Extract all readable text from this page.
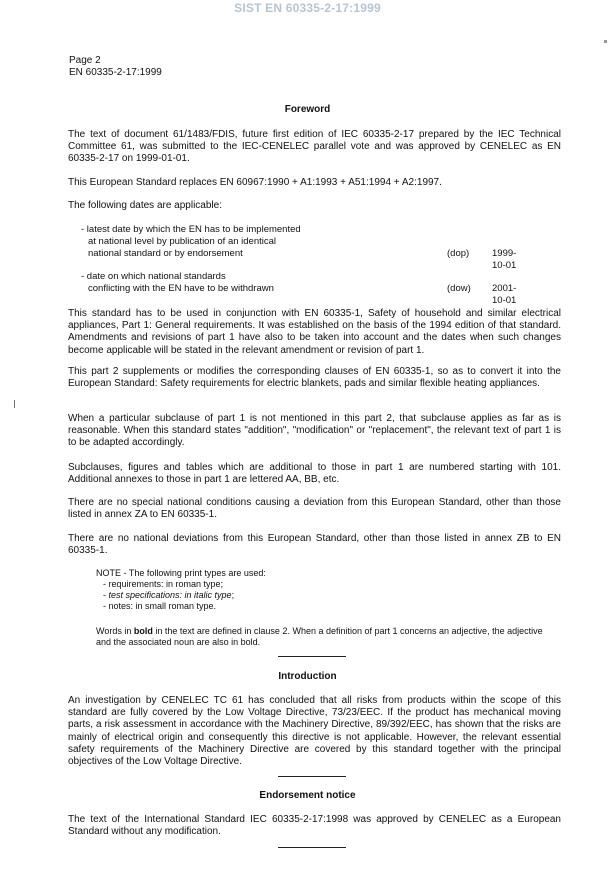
SIST EN 60335-2-17:1999
Page 2
EN 60335-2-17:1999
Foreword
The text of document 61/1483/FDIS, future first edition of IEC 60335-2-17 prepared by the IEC Technical Committee 61, was submitted to the IEC-CENELEC parallel vote and was approved by CENELEC as EN 60335-2-17 on 1999-01-01.
This European Standard replaces EN 60967:1990 + A1:1993 + A51:1994 + A2:1997.
The following dates are applicable:
- latest date by which the EN has to be implemented
at national level by publication of an identical
national standard or by endorsement	(dop) 1999-10-01
- date on which national standards
conflicting with the EN have to be withdrawn	(dow) 2001-10-01
This standard has to be used in conjunction with EN 60335-1, Safety of household and similar electrical appliances, Part 1: General requirements. It was established on the basis of the 1994 edition of that standard. Amendments and revisions of part 1 have also to be taken into account and the dates when such changes become applicable will be stated in the relevant amendment or revision of part 1.
This part 2 supplements or modifies the corresponding clauses of EN 60335-1, so as to convert it into the European Standard: Safety requirements for electric blankets, pads and similar flexible heating appliances.
When a particular subclause of part 1 is not mentioned in this part 2, that subclause applies as far as is reasonable. When this standard states "addition", "modification" or "replacement", the relevant text of part 1 is to be adapted accordingly.
Subclauses, figures and tables which are additional to those in part 1 are numbered starting with 101. Additional annexes to those in part 1 are lettered AA, BB, etc.
There are no special national conditions causing a deviation from this European Standard, other than those listed in annex ZA to EN 60335-1.
There are no national deviations from this European Standard, other than those listed in annex ZB to EN 60335-1.
NOTE - The following print types are used:
- requirements: in roman type;
- test specifications: in italic type;
- notes: in small roman type.
Words in bold in the text are defined in clause 2. When a definition of part 1 concerns an adjective, the adjective and the associated noun are also in bold.
Introduction
An investigation by CENELEC TC 61 has concluded that all risks from products within the scope of this standard are fully covered by the Low Voltage Directive, 73/23/EEC. If the product has mechanical moving parts, a risk assessment in accordance with the Machinery Directive, 89/392/EEC, has shown that the risks are mainly of electrical origin and consequently this directive is not applicable. However, the relevant essential safety requirements of the Machinery Directive are covered by this standard together with the principal objectives of the Low Voltage Directive.
Endorsement notice
The text of the International Standard IEC 60335-2-17:1998 was approved by CENELEC as a European Standard without any modification.
